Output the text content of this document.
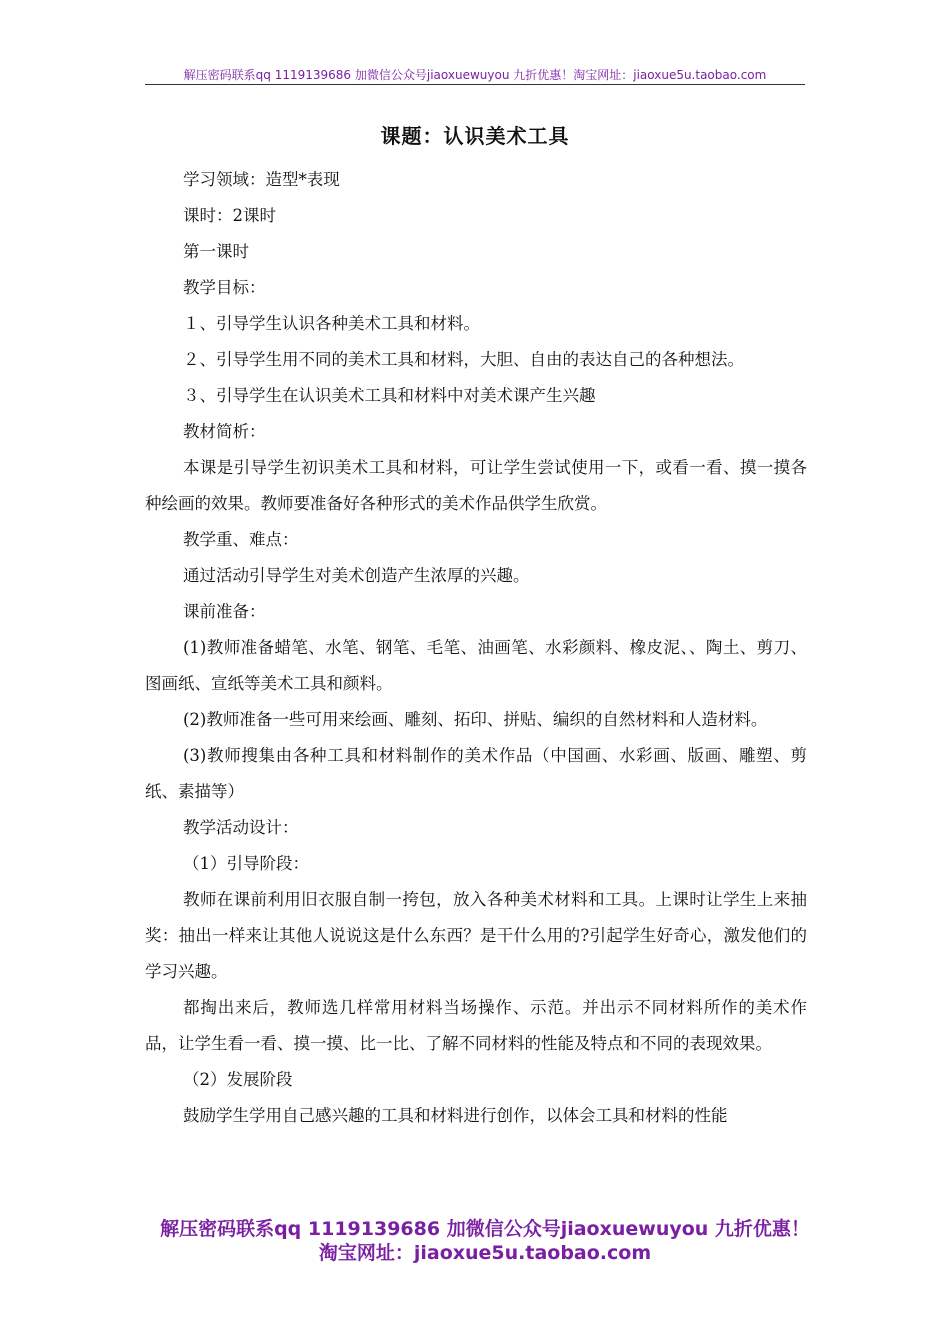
解压密码联系qq 1119139686 加微信公众号jiaoxuewuyou 九折优惠！淘宝网址：jiaoxue5u.taobao.com
课题：认识美术工具

学习领域：造型*表现

课时：2课时

第一课时

教学目标：

１、引导学生认识各种美术工具和材料。

２、引导学生用不同的美术工具和材料，大胆、自由的表达自己的各种想法。

３、引导学生在认识美术工具和材料中对美术课产生兴趣

教材简析：

本课是引导学生初识美术工具和材料，可让学生尝试使用一下，或看一看、摸一摸各种绘画的效果。教师要准备好各种形式的美术作品供学生欣赏。

教学重、难点：

通过活动引导学生对美术创造产生浓厚的兴趣。

课前准备：

(1)教师准备蜡笔、水笔、钢笔、毛笔、油画笔、水彩颜料、橡皮泥、、陶土、剪刀、图画纸、宣纸等美术工具和颜料。

(2)教师准备一些可用来绘画、雕刻、拓印、拼贴、编织的自然材料和人造材料。

(3)教师搜集由各种工具和材料制作的美术作品（中国画、水彩画、版画、雕塑、剪纸、素描等）

教学活动设计：

（1）引导阶段：

教师在课前利用旧衣服自制一挎包，放入各种美术材料和工具。上课时让学生上来抽奖：抽出一样来让其他人说说这是什么东西？是干什么用的?引起学生好奇心，激发他们的学习兴趣。

都掏出来后，教师选几样常用材料当场操作、示范。并出示不同材料所作的美术作品，让学生看一看、摸一摸、比一比、了解不同材料的性能及特点和不同的表现效果。

（2）发展阶段

鼓励学生学用自己感兴趣的工具和材料进行创作，以体会工具和材料的性能

解压密码联系qq 1119139686 加微信公众号jiaoxuewuyou 九折优惠！
淘宝网址：jiaoxue5u.taobao.com
